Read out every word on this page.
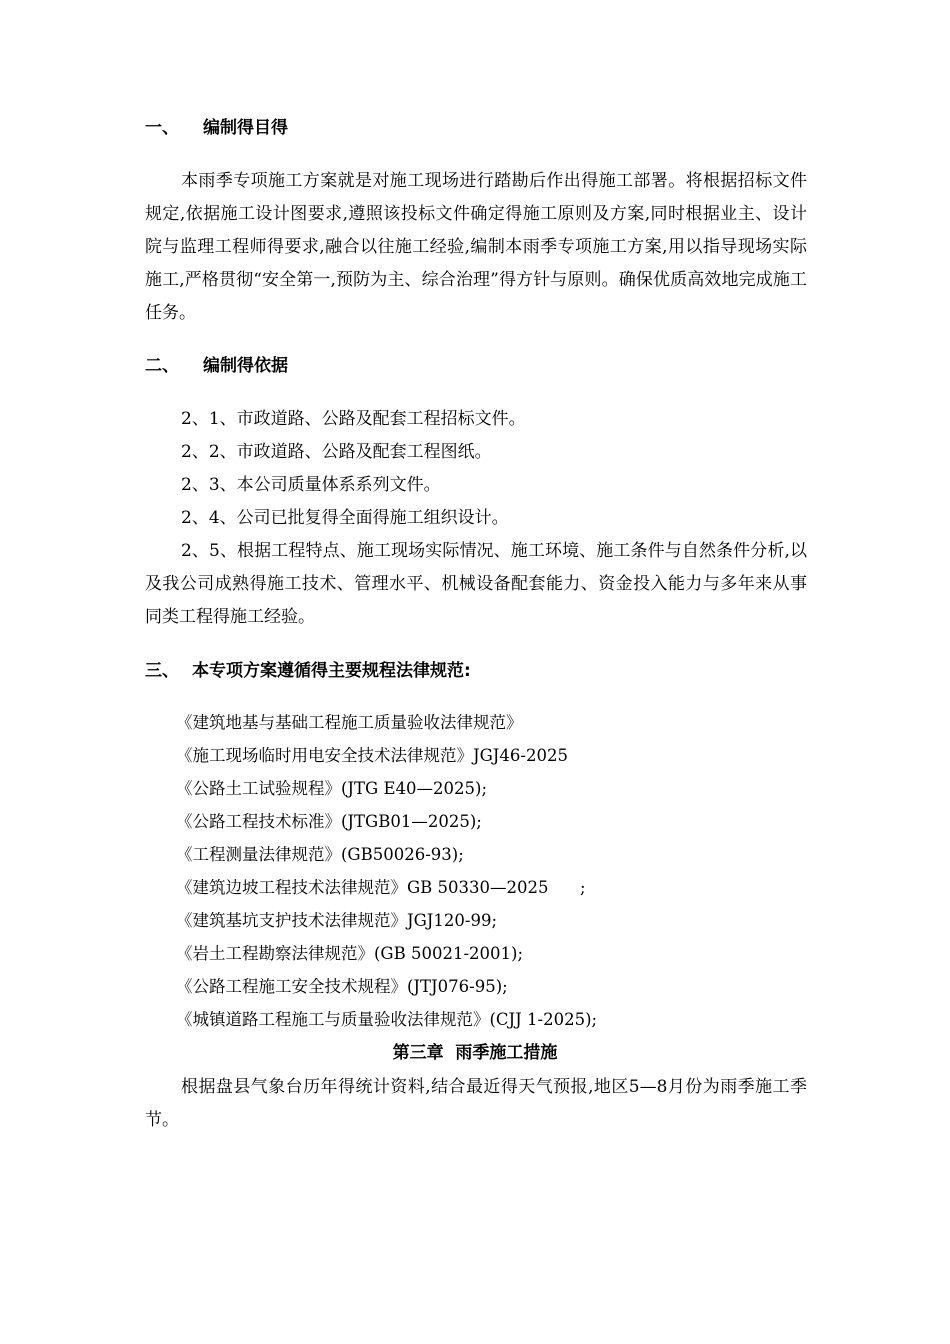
一、 编制得目得
本雨季专项施工方案就是对施工现场进行踏勘后作出得施工部署。将根据招标文件规定,依据施工设计图要求,遵照该投标文件确定得施工原则及方案,同时根据业主、设计院与监理工程师得要求,融合以往施工经验,编制本雨季专项施工方案,用以指导现场实际施工,严格贯彻“安全第一,预防为主、综合治理”得方针与原则。确保优质高效地完成施工任务。
二、 编制得依据
2、1、市政道路、公路及配套工程招标文件。
2、2、市政道路、公路及配套工程图纸。
2、3、本公司质量体系系列文件。
2、4、公司已批复得全面得施工组织设计。
2、5、根据工程特点、施工现场实际情况、施工环境、施工条件与自然条件分析,以及我公司成熟得施工技术、管理水平、机械设备配套能力、资金投入能力与多年来从事同类工程得施工经验。
三、 本专项方案遵循得主要规程法律规范:
《建筑地基与基础工程施工质量验收法律规范》
《施工现场临时用电安全技术法律规范》JGJ46-2025
《公路土工试验规程》(JTG E40—2025);
《公路工程技术标准》(JTGB01—2025);
《工程测量法律规范》(GB50026-93);
《建筑边坡工程技术法律规范》GB 50330—2025      ;
《建筑基坑支护技术法律规范》JGJ120-99;
《岩土工程勘察法律规范》(GB 50021-2001);
《公路工程施工安全技术规程》(JTJ076-95);
《城镇道路工程施工与质量验收法律规范》(CJJ 1-2025);
第三章  雨季施工措施
根据盘县气象台历年得统计资料,结合最近得天气预报,地区5—8月份为雨季施工季节。
